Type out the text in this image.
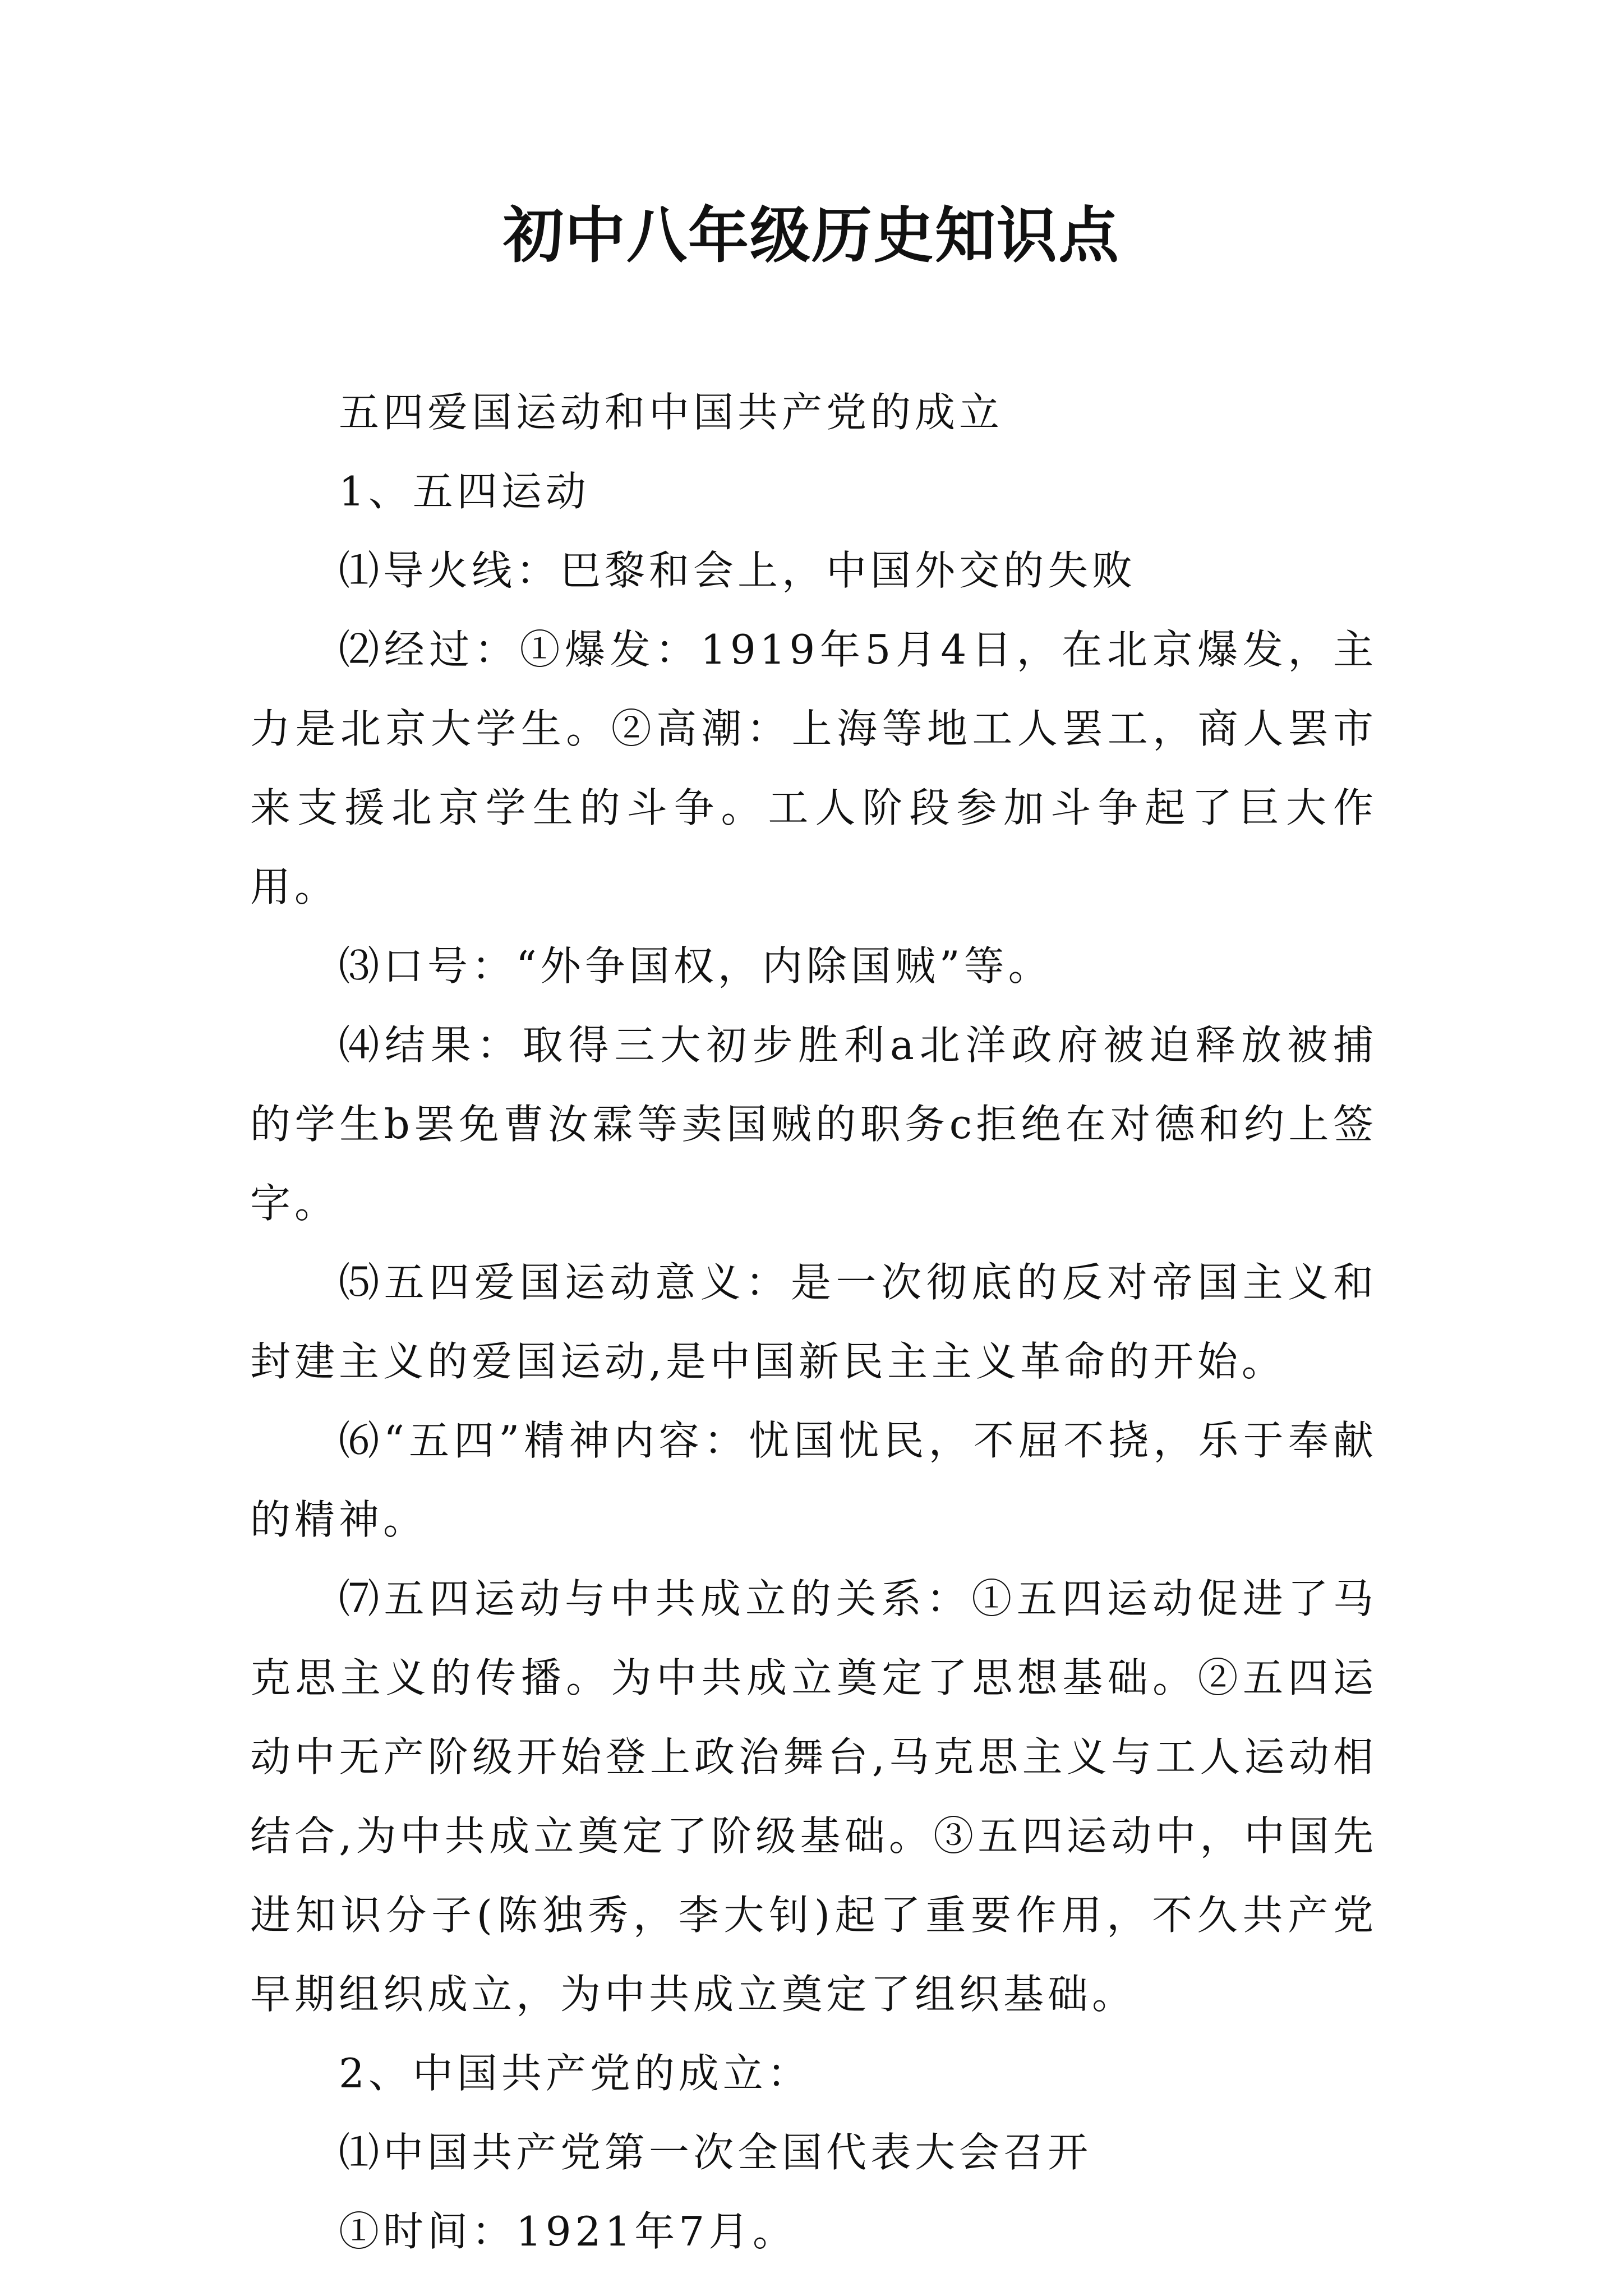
初中八年级历史知识点

五四爱国运动和中国共产党的成立

1、五四运动

⑴导火线：巴黎和会上，中国外交的失败

⑵经过：①爆发：1919年5月4日，在北京爆发，主力是北京大学生。②高潮：上海等地工人罢工，商人罢市来支援北京学生的斗争。工人阶段参加斗争起了巨大作用。

⑶口号：“外争国权，内除国贼”等。

⑷结果：取得三大初步胜利a北洋政府被迫释放被捕的学生b罢免曹汝霖等卖国贼的职务c拒绝在对德和约上签字。

⑸五四爱国运动意义：是一次彻底的反对帝国主义和封建主义的爱国运动,是中国新民主主义革命的开始。

⑹“五四”精神内容：忧国忧民，不屈不挠，乐于奉献的精神。

⑺五四运动与中共成立的关系：①五四运动促进了马克思主义的传播。为中共成立奠定了思想基础。②五四运动中无产阶级开始登上政治舞台,马克思主义与工人运动相结合,为中共成立奠定了阶级基础。③五四运动中，中国先进知识分子(陈独秀，李大钊)起了重要作用，不久共产党早期组织成立，为中共成立奠定了组织基础。

2、中国共产党的成立：

⑴中国共产党第一次全国代表大会召开

①时间：1921年7月。
